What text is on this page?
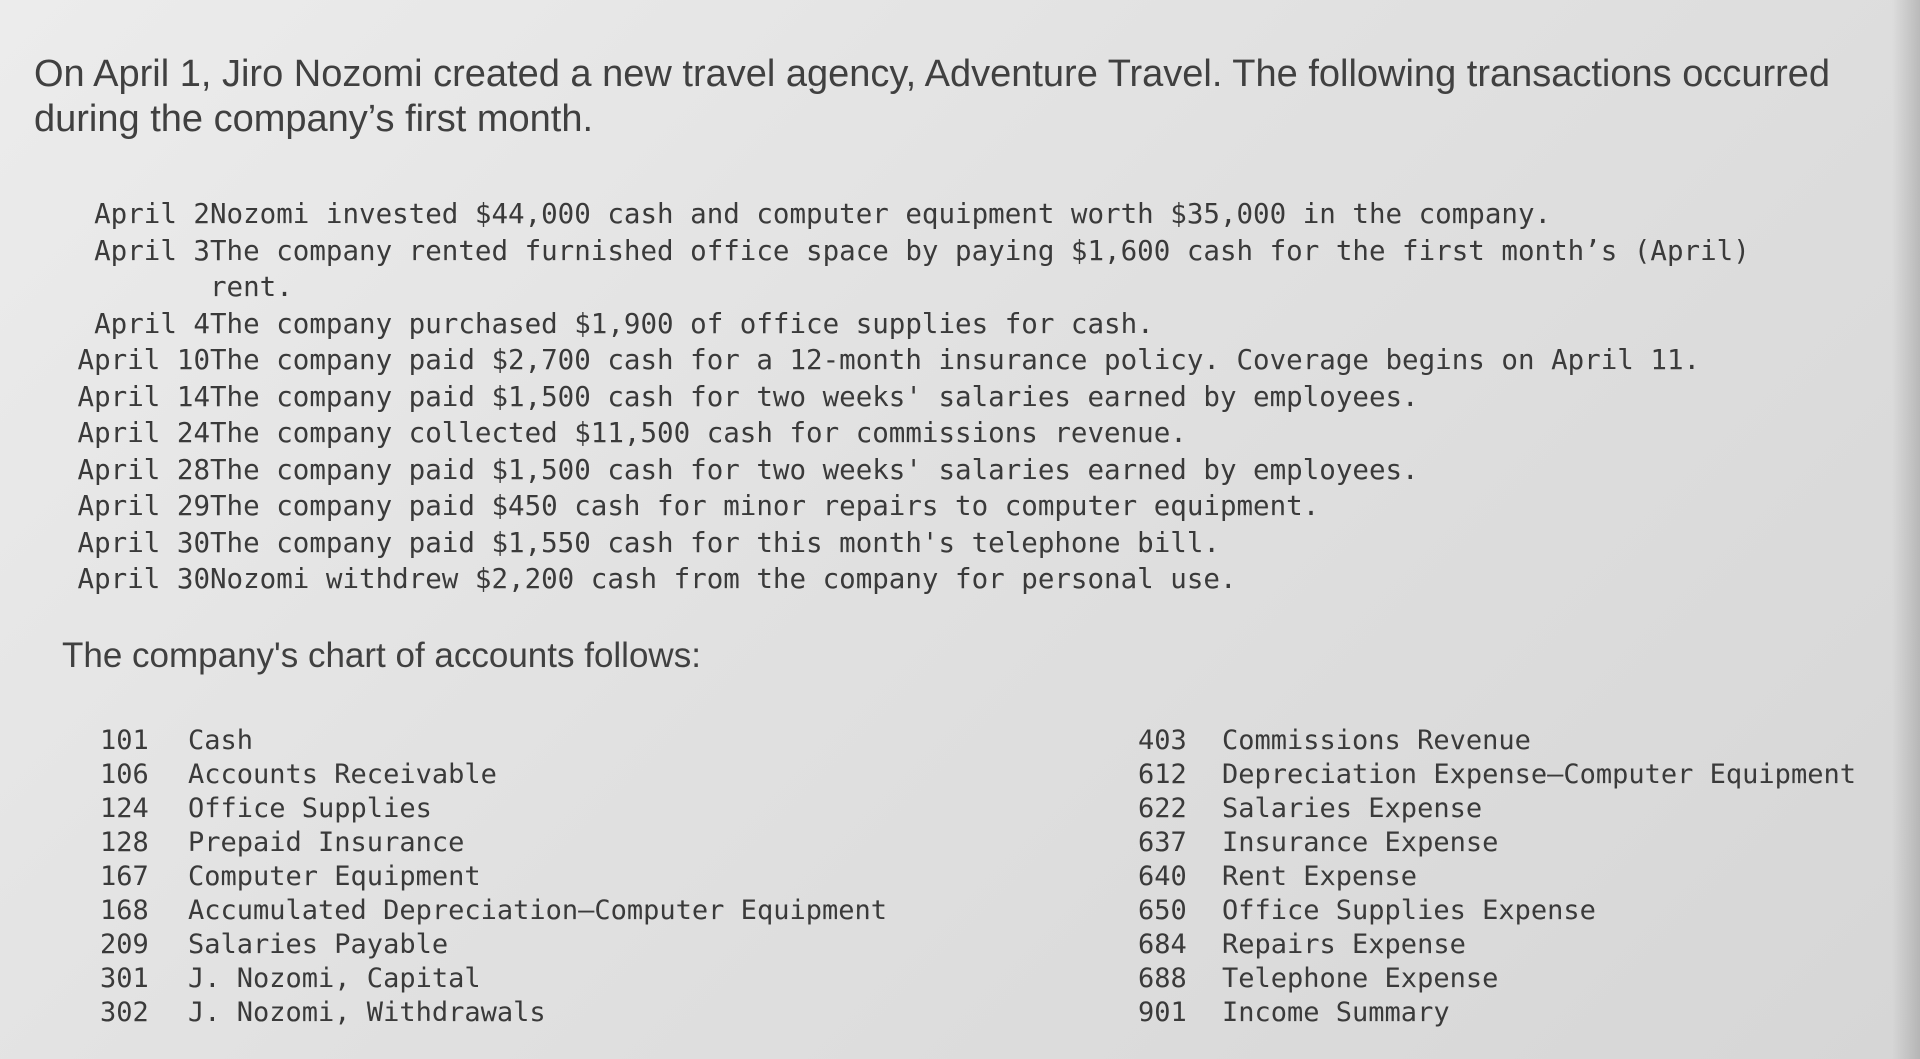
On April 1, Jiro Nozomi created a new travel agency, Adventure Travel. The following transactions occurred during the company’s first month.

April 2 Nozomi invested $44,000 cash and computer equipment worth $35,000 in the company.
April 3 The company rented furnished office space by paying $1,600 cash for the first month’s (April)
rent.
April 4 The company purchased $1,900 of office supplies for cash.
April 10 The company paid $2,700 cash for a 12-month insurance policy. Coverage begins on April 11.
April 14 The company paid $1,500 cash for two weeks' salaries earned by employees.
April 24 The company collected $11,500 cash for commissions revenue.
April 28 The company paid $1,500 cash for two weeks' salaries earned by employees.
April 29 The company paid $450 cash for minor repairs to computer equipment.
April 30 The company paid $1,550 cash for this month's telephone bill.
April 30 Nozomi withdrew $2,200 cash from the company for personal use.

The company's chart of accounts follows:

101	Cash
106	Accounts Receivable
124	Office Supplies
128	Prepaid Insurance
167	Computer Equipment
168	Accumulated Depreciation—Computer Equipment
209	Salaries Payable
301	J. Nozomi, Capital
302	J. Nozomi, Withdrawals
403	Commissions Revenue
612	Depreciation Expense—Computer Equipment
622	Salaries Expense
637	Insurance Expense
640	Rent Expense
650	Office Supplies Expense
684	Repairs Expense
688	Telephone Expense
901	Income Summary
